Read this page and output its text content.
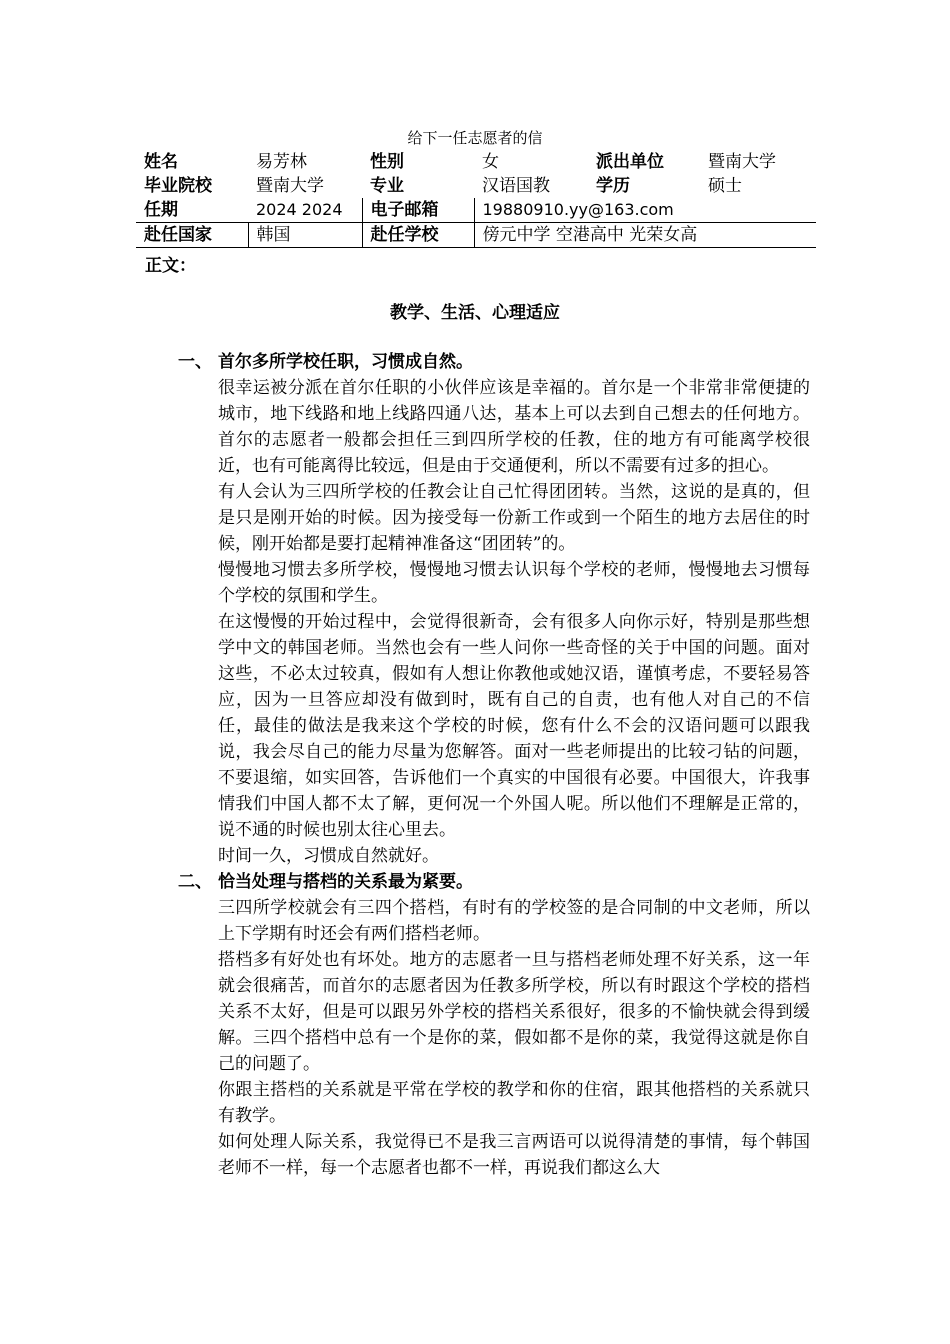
给下一任志愿者的信
姓名	易芳林	性别	女	派出单位	暨南大学
毕业院校	暨南大学	专业	汉语国教	学历	硕士
任期	2024 2024	电子邮箱	19880910.yy@163.com		
赴任国家	韩国	赴任学校	傍元中学 空港高中 光荣女高		
正文：
教学、生活、心理适应
一、 首尔多所学校任职，习惯成自然。
很幸运被分派在首尔任职的小伙伴应该是幸福的。首尔是一个非常非常便捷的城市，地下线路和地上线路四通八达，基本上可以去到自己想去的任何地方。首尔的志愿者一般都会担任三到四所学校的任教，住的地方有可能离学校很近，也有可能离得比较远，但是由于交通便利，所以不需要有过多的担心。
有人会认为三四所学校的任教会让自己忙得团团转。当然，这说的是真的，但是只是刚开始的时候。因为接受每一份新工作或到一个陌生的地方去居住的时候，刚开始都是要打起精神准备这“团团转”的。
慢慢地习惯去多所学校，慢慢地习惯去认识每个学校的老师，慢慢地去习惯每个学校的氛围和学生。
在这慢慢的开始过程中，会觉得很新奇，会有很多人向你示好，特别是那些想学中文的韩国老师。当然也会有一些人问你一些奇怪的关于中国的问题。面对这些，不必太过较真，假如有人想让你教他或她汉语，谨慎考虑，不要轻易答应，因为一旦答应却没有做到时，既有自己的自责，也有他人对自己的不信任，最佳的做法是我来这个学校的时候，您有什么不会的汉语问题可以跟我说，我会尽自己的能力尽量为您解答。面对一些老师提出的比较刁钻的问题，不要退缩，如实回答，告诉他们一个真实的中国很有必要。中国很大，许我事情我们中国人都不太了解，更何况一个外国人呢。所以他们不理解是正常的，说不通的时候也别太往心里去。
时间一久，习惯成自然就好。
二、 恰当处理与搭档的关系最为紧要。
三四所学校就会有三四个搭档，有时有的学校签的是合同制的中文老师，所以上下学期有时还会有两们搭档老师。
搭档多有好处也有坏处。地方的志愿者一旦与搭档老师处理不好关系，这一年就会很痛苦，而首尔的志愿者因为任教多所学校，所以有时跟这个学校的搭档关系不太好，但是可以跟另外学校的搭档关系很好，很多的不愉快就会得到缓解。三四个搭档中总有一个是你的菜，假如都不是你的菜，我觉得这就是你自己的问题了。
你跟主搭档的关系就是平常在学校的教学和你的住宿，跟其他搭档的关系就只有教学。
如何处理人际关系，我觉得已不是我三言两语可以说得清楚的事情，每个韩国老师不一样，每一个志愿者也都不一样，再说我们都这么大
